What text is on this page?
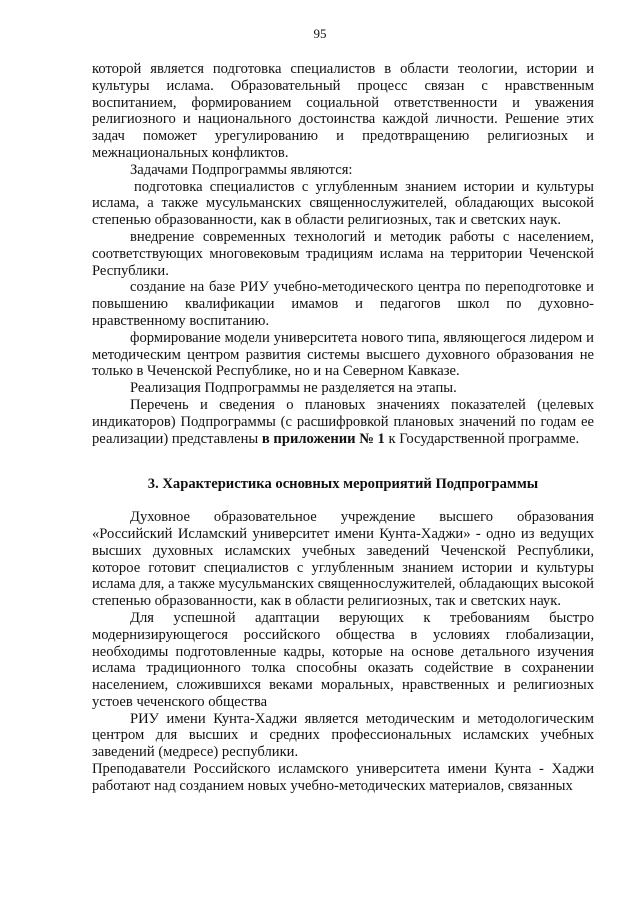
95

которой является подготовка специалистов в области теологии, истории и культуры ислама. Образовательный процесс связан с нравственным воспитанием, формированием социальной ответственности и уважения религиозного и национального достоинства каждой личности. Решение этих задач поможет урегулированию и предотвращению религиозных и межнациональных конфликтов.

Задачами Подпрограммы являются:

подготовка специалистов с углубленным знанием истории и культуры ислама, а также мусульманских священнослужителей, обладающих высокой степенью образованности, как в области религиозных, так и светских наук.

внедрение современных технологий и методик работы с населением, соответствующих многовековым традициям ислама на территории Чеченской Республики.

создание на базе РИУ учебно-методического центра по переподготовке и повышению квалификации имамов и педагогов школ по духовно-нравственному воспитанию.

формирование модели университета нового типа, являющегося лидером и методическим центром развития системы высшего духовного образования не только в Чеченской Республике, но и на Северном Кавказе.

Реализация Подпрограммы не разделяется на этапы.

Перечень и сведения о плановых значениях показателей (целевых индикаторов) Подпрограммы (с расшифровкой плановых значений по годам ее реализации) представлены в приложении № 1 к Государственной программе.

3. Характеристика основных мероприятий Подпрограммы

Духовное образовательное учреждение высшего образования «Российский Исламский университет имени Кунта-Хаджи» - одно из ведущих высших духовных исламских учебных заведений Чеченской Республики, которое готовит специалистов с углубленным знанием истории и культуры ислама для, а также мусульманских священнослужителей, обладающих высокой степенью образованности, как в области религиозных, так и светских наук.

Для успешной адаптации верующих к требованиям быстро модернизирующегося российского общества в условиях глобализации, необходимы подготовленные кадры, которые на основе детального изучения ислама традиционного толка способны оказать содействие в сохранении населением, сложившихся веками моральных, нравственных и религиозных устоев чеченского общества

РИУ имени Кунта-Хаджи является методическим и методологическим центром для высших и средних профессиональных исламских учебных заведений (медресе) республики.

Преподаватели Российского исламского университета имени Кунта - Хаджи работают над созданием новых учебно-методических материалов, связанных
